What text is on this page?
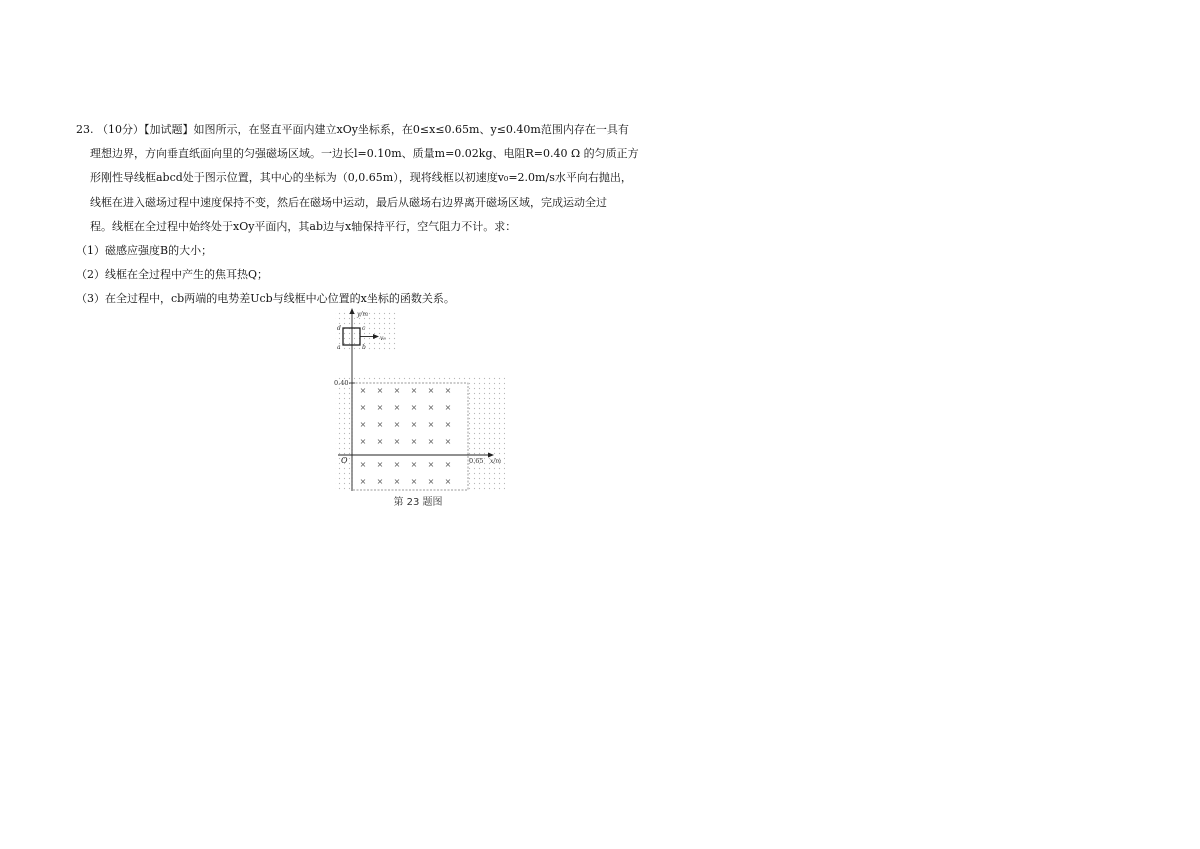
23. （10分）【加试题】如图所示，在竖直平面内建立xOy坐标系，在0≤x≤0.65m、y≤0.40m范围内存在一具有
理想边界，方向垂直纸面向里的匀强磁场区域。一边长l=0.10m、质量m=0.02kg、电阻R=0.40 Ω 的匀质正方
形刚性导线框abcd处于图示位置，其中心的坐标为（0,0.65m），现将线框以初速度v₀=2.0m/s水平向右抛出，
线框在进入磁场过程中速度保持不变，然后在磁场中运动，最后从磁场右边界离开磁场区域，完成运动全过
程。线框在全过程中始终处于xOy平面内，其ab边与x轴保持平行，空气阻力不计。求：
（1）磁感应强度B的大小；
（2）线框在全过程中产生的焦耳热Q；
（3）在全过程中，cb两端的电势差Ucb与线框中心位置的x坐标的函数关系。
× × × × × ×
× × × × × ×
× × × × × ×
× × × × × ×
× × × × × ×
× × × × × ×
y/m
v₀
d	c
a	b
0.40
O	0.65 x/m
第 23 题图
